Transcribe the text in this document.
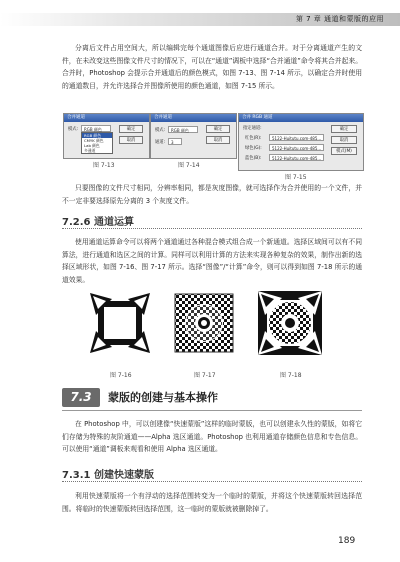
第 7 章 通道和蒙版的应用
分离后文件占用空间大，所以编辑完每个通道图像后应进行通道合并。对于分离通道产生的文件，在未改变这些图像文件尺寸的情况下，可以在“通道”调板中选择“合并通道”命令将其合并起来。合并时，Photoshop 会提示合并通道后的颜色模式，如图 7-13、图 7-14 所示，以确定合并时使用的通道数目，并允许选择合并图像所使用的颜色通道，如图 7-15 所示。
合并通道
模式:	RGB 颜色
RGB 颜色
CMYK 颜色
Lab 颜色
多通道
确定
取消
合并通道
模式:	RGB 颜色
通道:	3
确定
取消
合并 RGB 通道
指定通道:
红色(R):	5122-Huitutu.com-485...
绿色(G):	5122-Huitutu.com-485...
蓝色(B):	5122-Huitutu.com-485...
确定
取消
模式(M)
图 7-13	图 7-14
图 7-15
只要图像的文件尺寸相同，分辨率相同，都是灰度图像，就可选择作为合并使用的一个文件，并不一定非要选择原先分离的 3 个灰度文件。
7.2.6 通道运算
使用通道运算命令可以将两个通道通过各种混合模式组合成一个新通道。选择区域间可以有不同算法，进行通道和选区之间的计算。同样可以利用计算的方法来实现各种复杂的效果，制作出新的选择区域形状，如图 7-16、图 7-17 所示。选择“图像”/“计算”命令，则可以得到如图 7-18 所示的通道效果。
图 7-16	图 7-17	图 7-18
7.3	蒙版的创建与基本操作
在 Photoshop 中，可以创建像“快速蒙版”这样的临时蒙版，也可以创建永久性的蒙版，如将它们存储为特殊的灰阶通道——Alpha 选区通道。Photoshop 也利用通道存储颜色信息和专色信息。可以使用“通道”调板来观看和使用 Alpha 选区通道。
7.3.1 创建快速蒙版
利用快速蒙版将一个有浮动的选择范围转变为一个临时的蒙版，并将这个快速蒙版转回选择范围。将临时的快速蒙版转回选择范围，这一临时的蒙版就被删除掉了。
189
